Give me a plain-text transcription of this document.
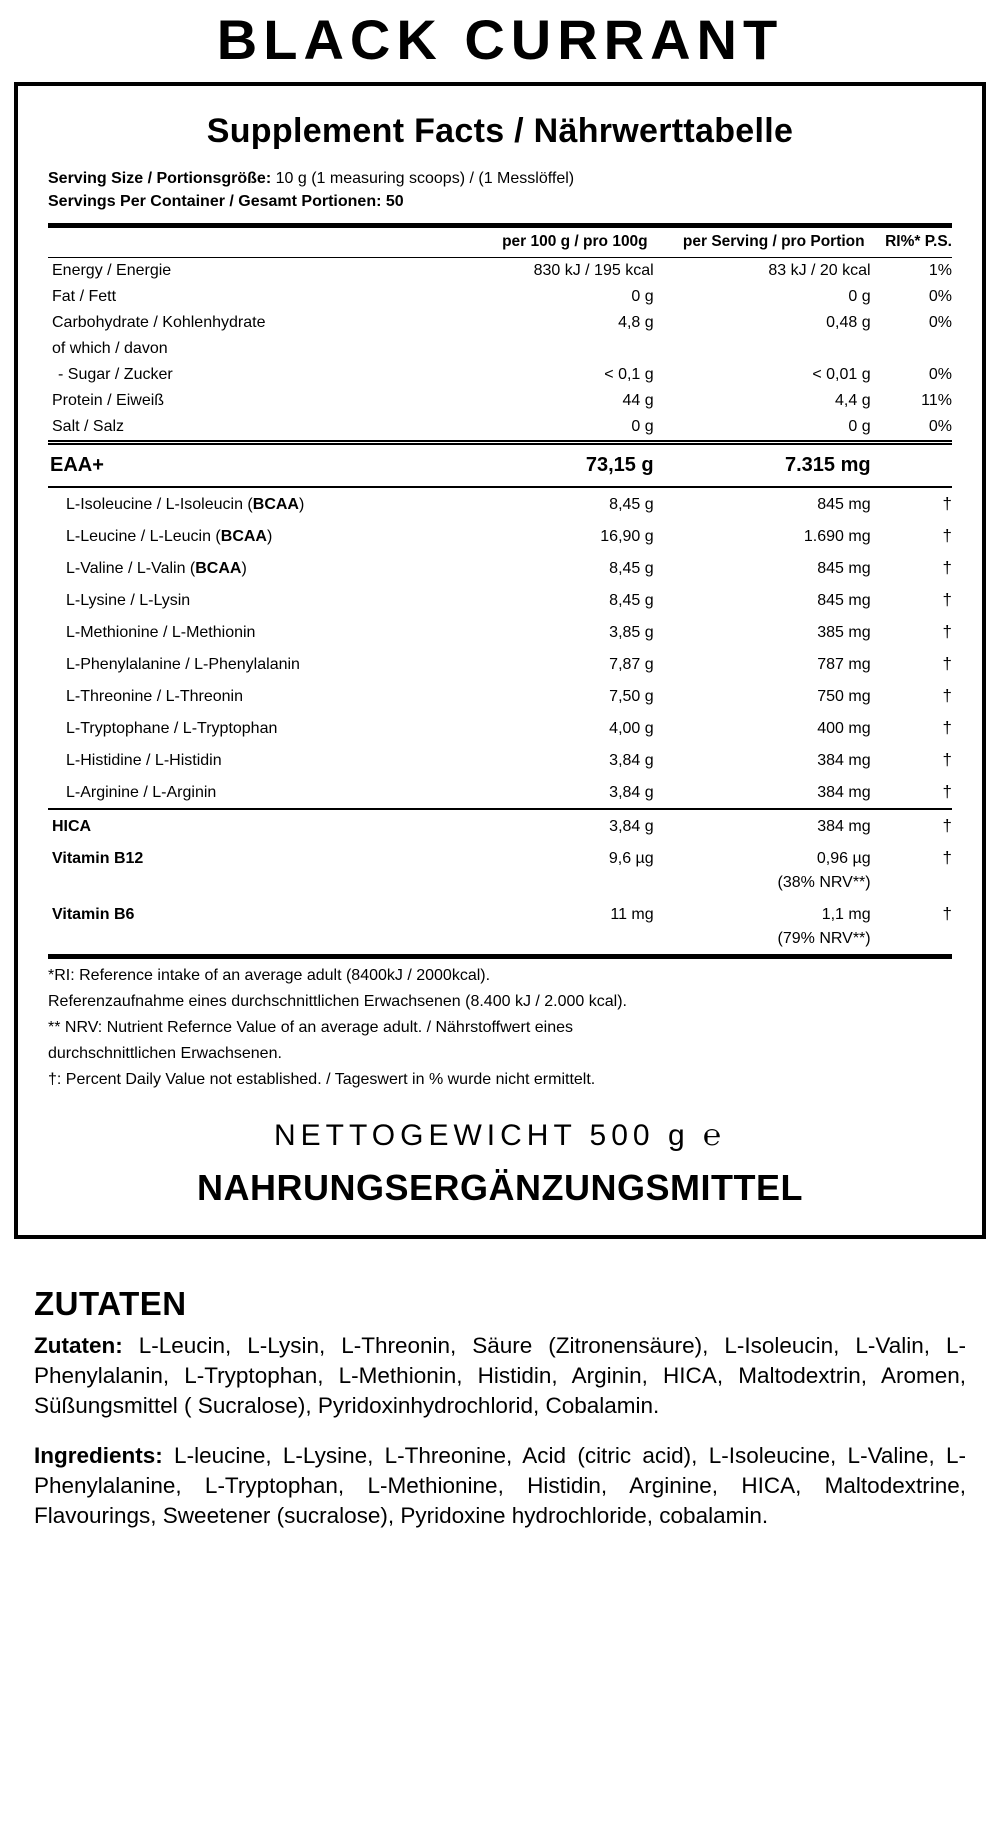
BLACK CURRANT
Supplement Facts / Nährwerttabelle
Serving Size / Portionsgröße: 10 g (1 measuring scoops) / (1 Messlöffel)
Servings Per Container / Gesamt Portionen: 50

	per 100 g / pro 100g	per Serving / pro Portion	RI%* P.S.

Energy / Energie	830 kJ / 195 kcal	83 kJ / 20 kcal	1%
Fat / Fett	0 g	0 g	0%
Carbohydrate / Kohlenhydrate	4,8 g	0,48 g	0%
of which / davon			
- Sugar / Zucker	< 0,1 g	< 0,01 g	0%
Protein / Eiweiß	44 g	4,4 g	11%
Salt / Salz	0 g	0 g	0%

EAA+	73,15 g	7.315 mg	

L-Isoleucine / L-Isoleucin (BCAA)	8,45 g	845 mg	†
L-Leucine / L-Leucin (BCAA)	16,90 g	1.690 mg	†
L-Valine / L-Valin (BCAA)	8,45 g	845 mg	†
L-Lysine / L-Lysin	8,45 g	845 mg	†
L-Methionine / L-Methionin	3,85 g	385 mg	†
L-Phenylalanine / L-Phenylalanin	7,87 g	787 mg	†
L-Threonine / L-Threonin	7,50 g	750 mg	†
L-Tryptophane / L-Tryptophan	4,00 g	400 mg	†
L-Histidine / L-Histidin	3,84 g	384 mg	†
L-Arginine / L-Arginin	3,84 g	384 mg	†

HICA	3,84 g	384 mg	†
Vitamin B12	9,6 µg	0,96 µg	†
		(38% NRV**)	
Vitamin B6	11 mg	1,1 mg	†
		(79% NRV**)	

*RI: Reference intake of an average adult (8400kJ / 2000kcal).
Referenzaufnahme eines durchschnittlichen Erwachsenen (8.400 kJ / 2.000 kcal).
** NRV: Nutrient Refernce Value of an average adult. / Nährstoffwert eines
durchschnittlichen Erwachsenen.
†: Percent Daily Value not established. / Tageswert in % wurde nicht ermittelt.
NETTOGEWICHT 500 g ℮
NAHRUNGSERGÄNZUNGSMITTEL
ZUTATEN
Zutaten: L-Leucin, L-Lysin, L-Threonin, Säure (Zitronensäure), L-Isoleucin, L-Valin, L-Phenylalanin, L-Tryptophan, L-Methionin, Histidin, Arginin, HICA, Maltodextrin, Aromen, Süßungsmittel ( Sucralose), Pyridoxinhydrochlorid, Cobalamin.
Ingredients: L-leucine, L-Lysine, L-Threonine, Acid (citric acid), L-Isoleucine, L-Valine, L-Phenylalanine, L-Tryptophan, L-Methionine, Histidin, Arginine, HICA, Maltodextrine, Flavourings, Sweetener (sucralose), Pyridoxine hydrochloride, cobalamin.
